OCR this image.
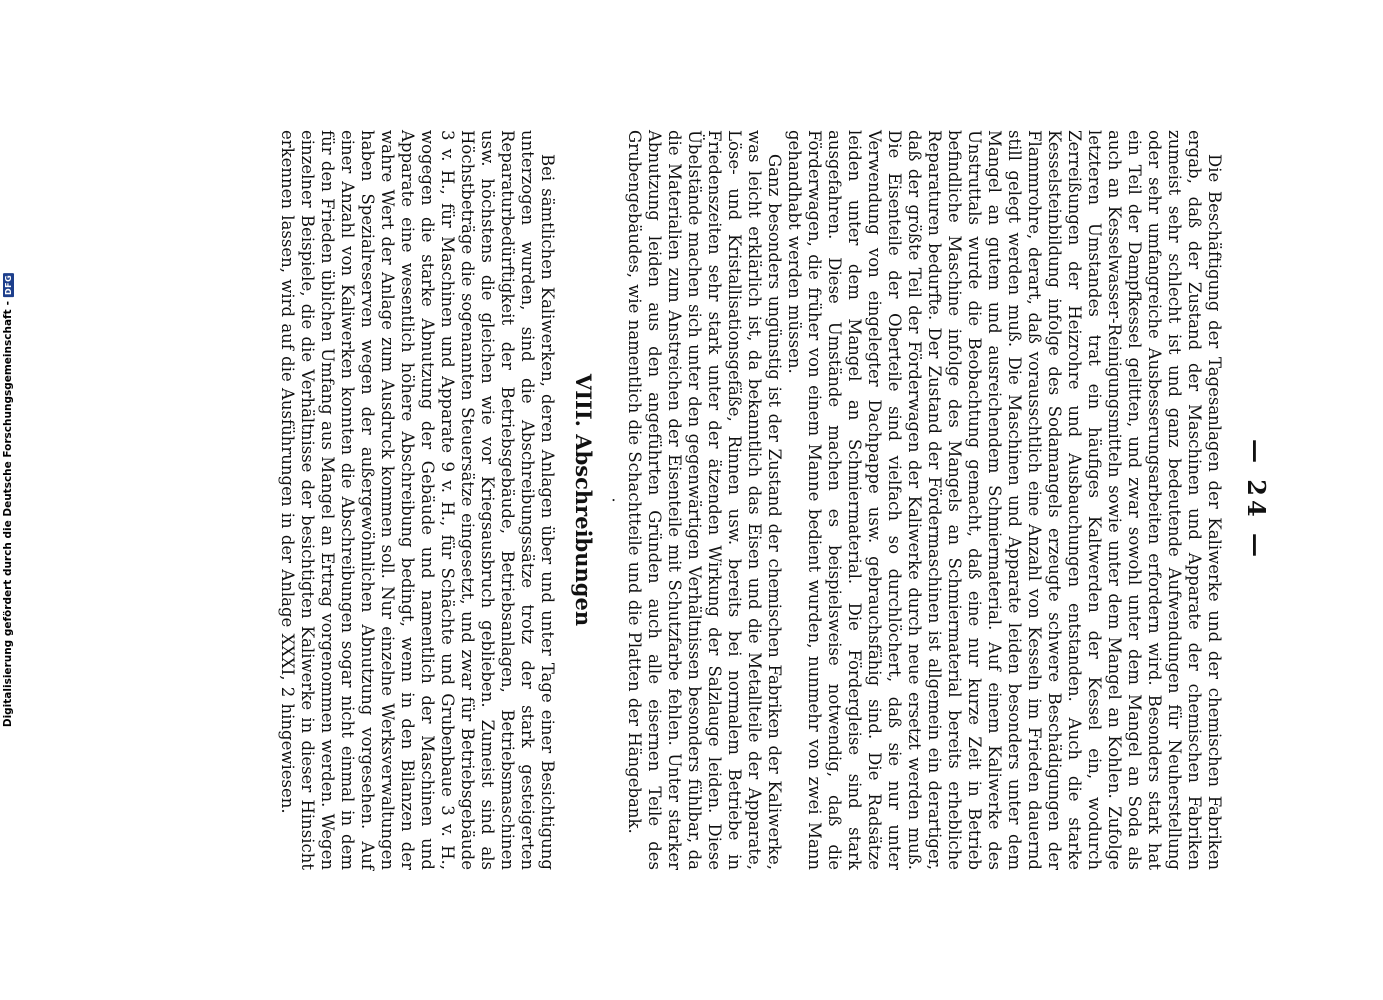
— 24 —

Die Beschäftigung der Tagesanlagen der Kaliwerke und der chemischen Fabriken ergab, daß der Zustand der Maschinen und Apparate der chemischen Fabriken zumeist sehr schlecht ist und ganz bedeutende Aufwendungen für Neuherstellung oder sehr umfangreiche Ausbesserungsarbeiten erfordern wird. Besonders stark hat ein Teil der Dampfkessel gelitten, und zwar sowohl unter dem Mangel an Soda als auch an Kesselwasser-Reinigungsmitteln sowie unter dem Mangel an Kohlen. Zufolge letzteren Umstandes trat ein häufiges Kaltwerden der Kessel ein, wodurch Zerreißungen der Heizrohre und Ausbauchungen entstanden. Auch die starke Kesselsteinbildung infolge des Sodamangels erzeugte schwere Beschädigungen der Flammrohre, derart, daß vorausschtlich eine Anzahl von Kesseln im Frieden dauernd still gelegt werden muß. Die Maschinen und Apparate leiden besonders unter dem Mangel an gutem und ausreichendem Schmiermaterial. Auf einem Kaliwerke des Unstruttals wurde die Beobachtung gemacht, daß eine nur kurze Zeit in Betrieb befindliche Maschine infolge des Mangels an Schmiermaterial bereits erhebliche Reparaturen bedurfte. Der Zustand der Fördermaschinen ist allgemein ein derartiger, daß der größte Teil der Förderwagen der Kaliwerke durch neue ersetzt werden muß. Die Eisenteile der Oberteile sind vielfach so durchlöchert, daß sie nur unter Verwendung von eingelegter Dachpappe usw. gebrauchsfähig sind. Die Radsätze leiden unter dem Mangel an Schmiermaterial. Die Fördergleise sind stark ausgefahren. Diese Umstände machen es beispielsweise notwendig, daß die Förderwagen, die früher von einem Manne bedient wurden, nunmehr von zwei Mann gehandhabt werden müssen.

Ganz besonders ungünstig ist der Zustand der chemischen Fabriken der Kaliwerke, was leicht erklärlich ist, da bekanntlich das Eisen und die Metallteile der Apparate, Löse- und Kristallisationsgefäße, Rinnen usw. bereits bei normalem Betriebe in Friedenszeiten sehr stark unter der ätzenden Wirkung der Salzlauge leiden. Diese Übelstände machen sich unter den gegenwärtigen Verhältnissen besonders fühlbar, da die Materialien zum Anstreichen der Eisenteile mit Schutzfarbe fehlen. Unter starker Abnutzung leiden aus den angeführten Gründen auch alle eisernen Teile des Grubengebäudes, wie namentlich die Schachtteile und die Platten der Hängebank.

·
VIII. Abschreibungen

Bei sämtlichen Kaliwerken, deren Anlagen über und unter Tage einer Besichtigung unterzogen wurden, sind die Abschreibungssätze trotz der stark gesteigerten Reparaturbedürftigkeit der Betriebsgebäude, Betriebsanlagen, Betriebsmaschinen usw. höchstens die gleichen wie vor Kriegsausbruch geblieben. Zumeist sind als Höchstbeträge die sogenannten Steuersätze eingesetzt, und zwar für Betriebsgebäude 3 v. H., für Maschinen und Apparate 9 v. H., für Schächte und Grubenbaue 3 v. H., wogegen die starke Abnutzung der Gebäude und namentlich der Maschinen und Apparate eine wesentlich höhere Abschreibung bedingt, wenn in den Bilanzen der wahre Wert der Anlage zum Ausdruck kommen soll. Nur einzelne Werksverwaltungen haben Spezialreserven wegen der außergewöhnlichen Abnutzung vorgesehen. Auf einer Anzahl von Kaliwerken konnten die Abschreibungen sogar nicht einmal in dem für den Frieden üblichen Umfang aus Mangel an Ertrag vorgenommen werden. Wegen einzelner Beispiele, die die Verhältnisse der besichtigten Kaliwerke in dieser Hinsicht erkennen lassen, wird auf die Ausführungen in der Anlage XXXI, 2 hingewiesen.

Digitalisierung gefördert durch die Deutsche Forschungsgemeinschaft
-
DFG
